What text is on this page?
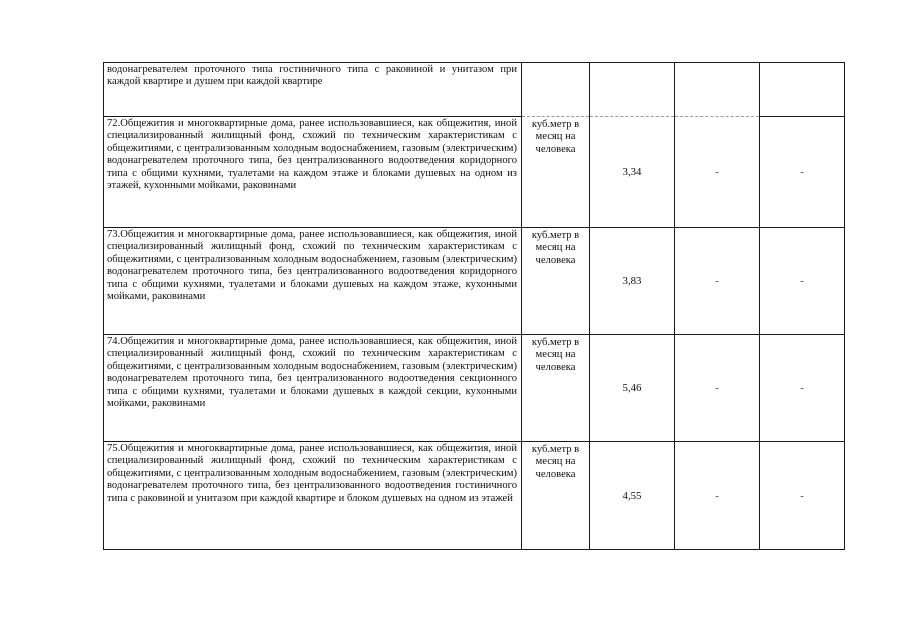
водонагревателем проточного типа гостиничного типа с раковиной и унитазом при каждой квартире и душем при каждой квартире				

72.Общежития и многоквартирные дома, ранее использовавшиеся, как общежития, иной специализированный жилищный фонд, схожий по техническим характеристикам с общежитиями, с централизованным холодным водоснабжением, газовым (электрическим) водонагревателем проточного типа, без централизованного водоотведения коридорного типа с общими кухнями, туалетами на каждом этаже и блоками душевых на одном из этажей, кухонными мойками, раковинами	куб.метр в месяц на человека	3,34	-	-

73.Общежития и многоквартирные дома, ранее использовавшиеся, как общежития, иной специализированный жилищный фонд, схожий по техническим характеристикам с общежитиями, с централизованным холодным водоснабжением, газовым (электрическим) водонагревателем проточного типа, без централизованного водоотведения коридорного типа с общими кухнями, туалетами и блоками душевых на каждом этаже, кухонными мойками, раковинами	куб.метр в месяц на человека	3,83	-	-

74.Общежития и многоквартирные дома, ранее использовавшиеся, как общежития, иной специализированный жилищный фонд, схожий по техническим характеристикам с общежитиями, с централизованным холодным водоснабжением, газовым (электрическим) водонагревателем проточного типа, без централизованного водоотведения секционного типа с общими кухнями, туалетами и блоками душевых в каждой секции, кухонными мойками, раковинами	куб.метр в месяц на человека	5,46	-	-

75.Общежития и многоквартирные дома, ранее использовавшиеся, как общежития, иной специализированный жилищный фонд, схожий по техническим характеристикам с общежитиями, с централизованным холодным водоснабжением, газовым (электрическим) водонагревателем проточного типа, без централизованного водоотведения гостиничного типа с раковиной и унитазом при каждой квартире и блоком душевых на одном из этажей	куб.метр в месяц на человека	4,55	-	-
